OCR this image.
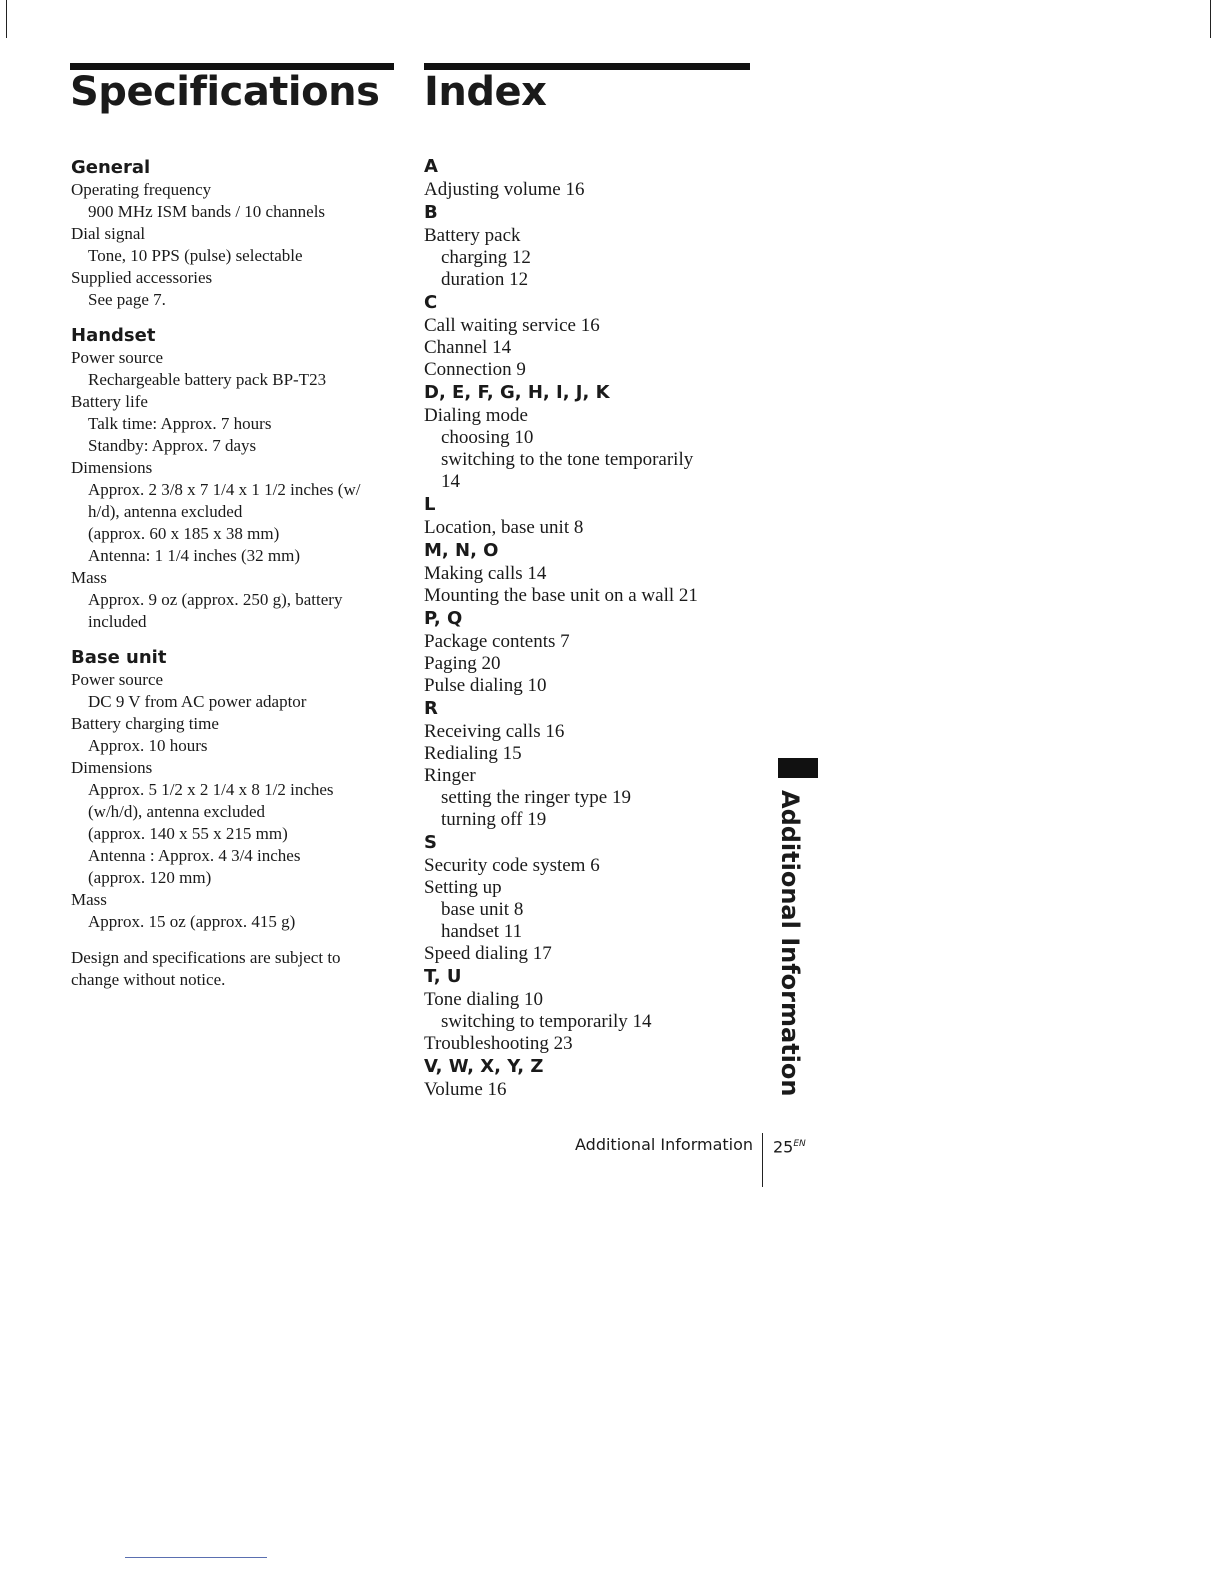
Specifications Index
General
Operating frequency
900 MHz ISM bands / 10 channels
Dial signal
Tone, 10 PPS (pulse) selectable
Supplied accessories
See page 7.
Handset
Power source
Rechargeable battery pack BP-T23
Battery life
Talk time: Approx. 7 hours
Standby: Approx. 7 days
Dimensions
Approx. 2 3/8 x 7 1/4 x 1 1/2 inches (w/
h/d), antenna excluded
(approx. 60 x 185 x 38 mm)
Antenna: 1 1/4 inches (32 mm)
Mass
Approx. 9 oz (approx. 250 g), battery
included
Base unit
Power source
DC 9 V from AC power adaptor
Battery charging time
Approx. 10 hours
Dimensions
Approx. 5 1/2 x 2 1/4 x 8 1/2 inches
(w/h/d), antenna excluded
(approx. 140 x 55 x 215 mm)
Antenna : Approx. 4 3/4 inches
(approx. 120 mm)
Mass
Approx. 15 oz (approx. 415 g)
Design and specifications are subject to change without notice.
A
Adjusting volume 16
B
Battery pack
charging 12
duration 12
C
Call waiting service 16
Channel 14
Connection 9
D, E, F, G, H, I, J, K
Dialing mode
choosing 10
switching to the tone temporarily
14
L
Location, base unit 8
M, N, O
Making calls 14
Mounting the base unit on a wall 21
P, Q
Package contents 7
Paging 20
Pulse dialing 10
R
Receiving calls 16
Redialing 15
Ringer
setting the ringer type 19
turning off 19
S
Security code system 6
Setting up
base unit 8
handset 11
Speed dialing 17
T, U
Tone dialing 10
switching to temporarily 14
Troubleshooting 23
V, W, X, Y, Z
Volume 16	Additional Information
Additional Information $25^{EN}$
